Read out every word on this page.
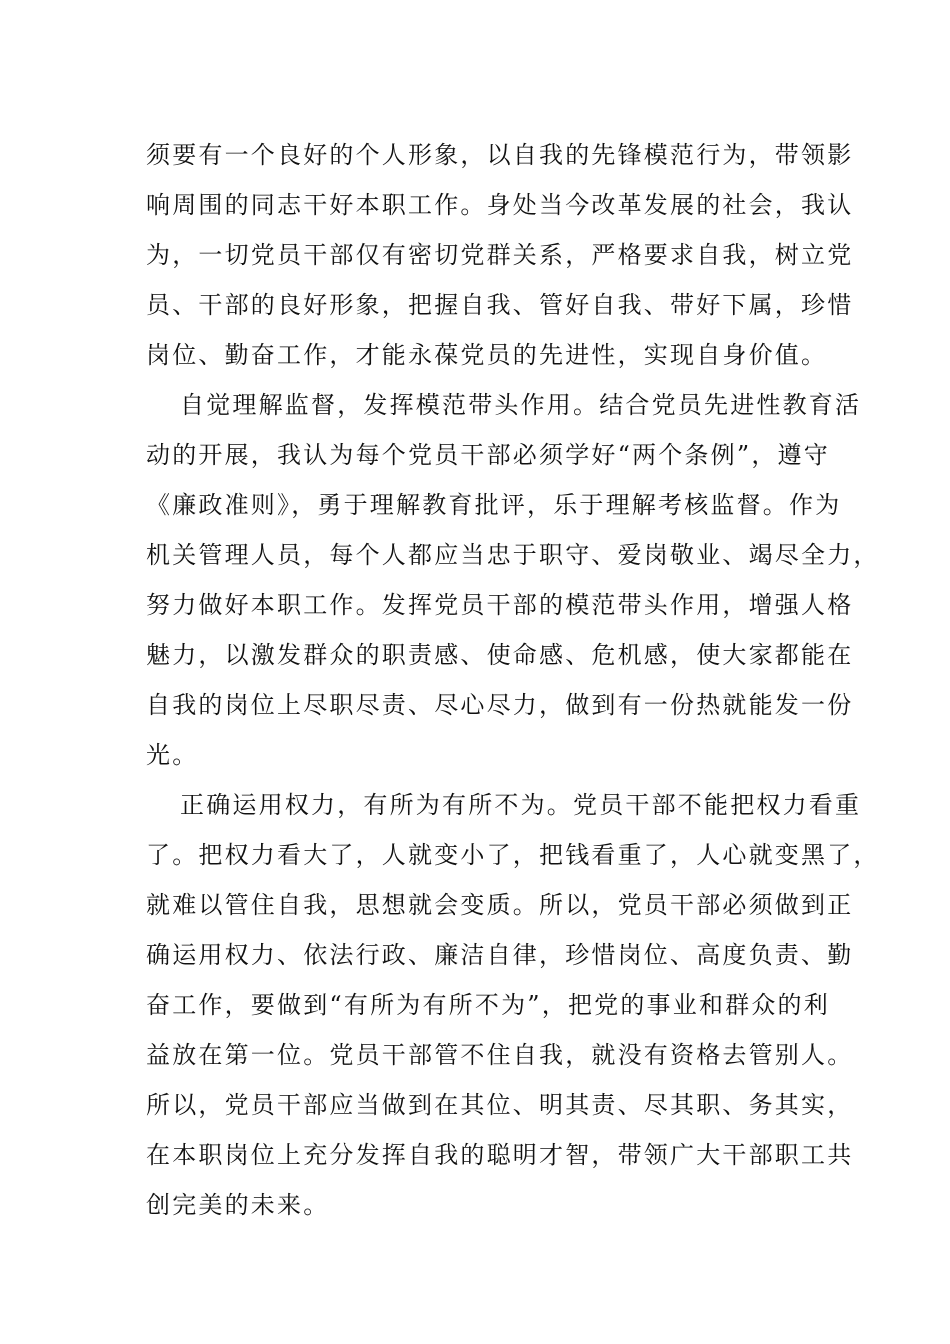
须要有一个良好的个人形象，以自我的先锋模范行为，带领影
响周围的同志干好本职工作。身处当今改革发展的社会，我认
为，一切党员干部仅有密切党群关系，严格要求自我，树立党
员、干部的良好形象，把握自我、管好自我、带好下属，珍惜
岗位、勤奋工作，才能永葆党员的先进性，实现自身价值。
自觉理解监督，发挥模范带头作用。结合党员先进性教育活
动的开展，我认为每个党员干部必须学好“两个条例”，遵守
《廉政准则》，勇于理解教育批评，乐于理解考核监督。作为
机关管理人员，每个人都应当忠于职守、爱岗敬业、竭尽全力，
努力做好本职工作。发挥党员干部的模范带头作用，增强人格
魅力，以激发群众的职责感、使命感、危机感，使大家都能在
自我的岗位上尽职尽责、尽心尽力，做到有一份热就能发一份
光。
正确运用权力，有所为有所不为。党员干部不能把权力看重
了。把权力看大了，人就变小了，把钱看重了，人心就变黑了，
就难以管住自我，思想就会变质。所以，党员干部必须做到正
确运用权力、依法行政、廉洁自律，珍惜岗位、高度负责、勤
奋工作，要做到“有所为有所不为”，把党的事业和群众的利
益放在第一位。党员干部管不住自我，就没有资格去管别人。
所以，党员干部应当做到在其位、明其责、尽其职、务其实，
在本职岗位上充分发挥自我的聪明才智，带领广大干部职工共
创完美的未来。
